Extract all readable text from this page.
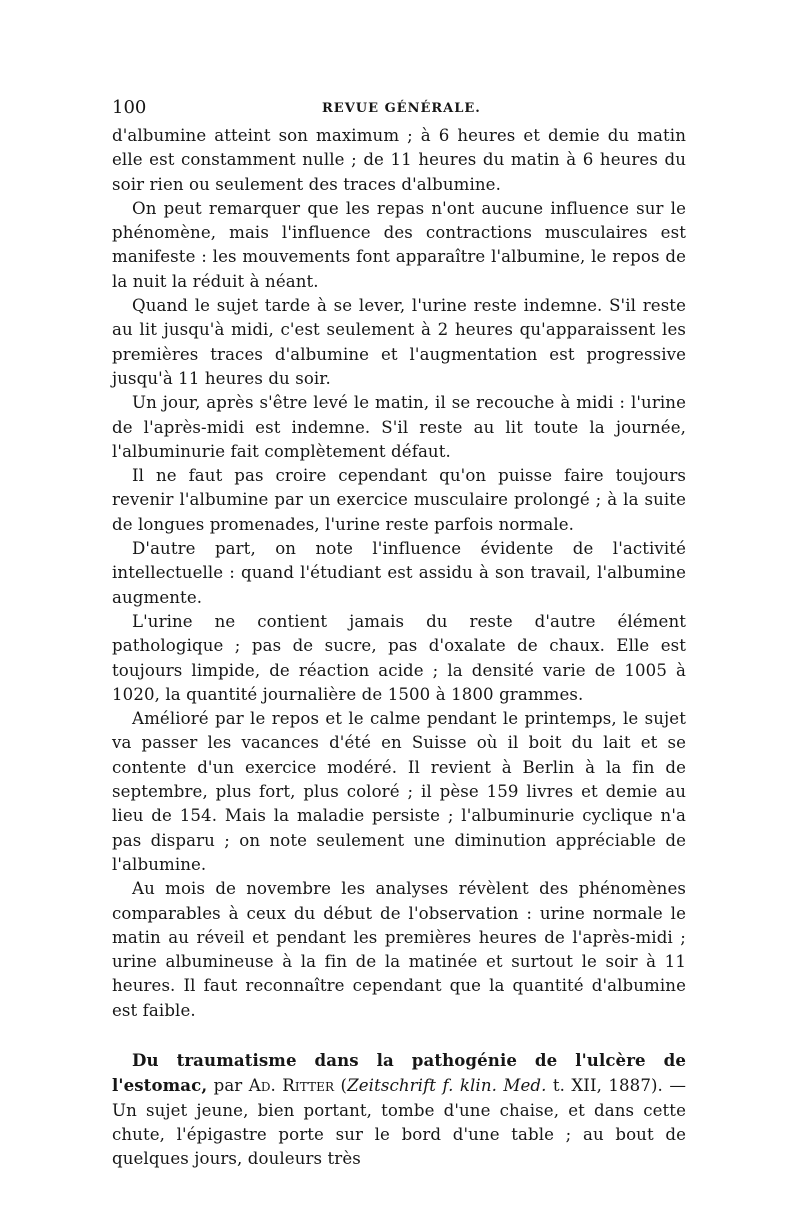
100	REVUE GÉNÉRALE.

d'albumine atteint son maximum ; à 6 heures et demie du matin elle est constamment nulle ; de 11 heures du matin à 6 heures du soir rien ou seulement des traces d'albumine.

On peut remarquer que les repas n'ont aucune influence sur le phénomène, mais l'influence des contractions musculaires est manifeste : les mouvements font apparaître l'albumine, le repos de la nuit la réduit à néant.

Quand le sujet tarde à se lever, l'urine reste indemne. S'il reste au lit jusqu'à midi, c'est seulement à 2 heures qu'apparaissent les premières traces d'albumine et l'augmentation est progressive jusqu'à 11 heures du soir.

Un jour, après s'être levé le matin, il se recouche à midi : l'urine de l'après-midi est indemne. S'il reste au lit toute la journée, l'albuminurie fait complètement défaut.

Il ne faut pas croire cependant qu'on puisse faire toujours revenir l'albumine par un exercice musculaire prolongé ; à la suite de longues promenades, l'urine reste parfois normale.

D'autre part, on note l'influence évidente de l'activité intellectuelle : quand l'étudiant est assidu à son travail, l'albumine augmente.

L'urine ne contient jamais du reste d'autre élément pathologique ; pas de sucre, pas d'oxalate de chaux. Elle est toujours limpide, de réaction acide ; la densité varie de 1005 à 1020, la quantité journalière de 1500 à 1800 grammes.

Amélioré par le repos et le calme pendant le printemps, le sujet va passer les vacances d'été en Suisse où il boit du lait et se contente d'un exercice modéré. Il revient à Berlin à la fin de septembre, plus fort, plus coloré ; il pèse 159 livres et demie au lieu de 154. Mais la maladie persiste ; l'albuminurie cyclique n'a pas disparu ; on note seulement une diminution appréciable de l'albumine.

Au mois de novembre les analyses révèlent des phénomènes comparables à ceux du début de l'observation : urine normale le matin au réveil et pendant les premières heures de l'après-midi ; urine albumineuse à la fin de la matinée et surtout le soir à 11 heures. Il faut reconnaître cependant que la quantité d'albumine est faible.

Du traumatisme dans la pathogénie de l'ulcère de l'estomac, par Ad. Ritter (Zeitschrift f. klin. Med. t. XII, 1887). — Un sujet jeune, bien portant, tombe d'une chaise, et dans cette chute, l'épigastre porte sur le bord d'une table ; au bout de quelques jours, douleurs très
